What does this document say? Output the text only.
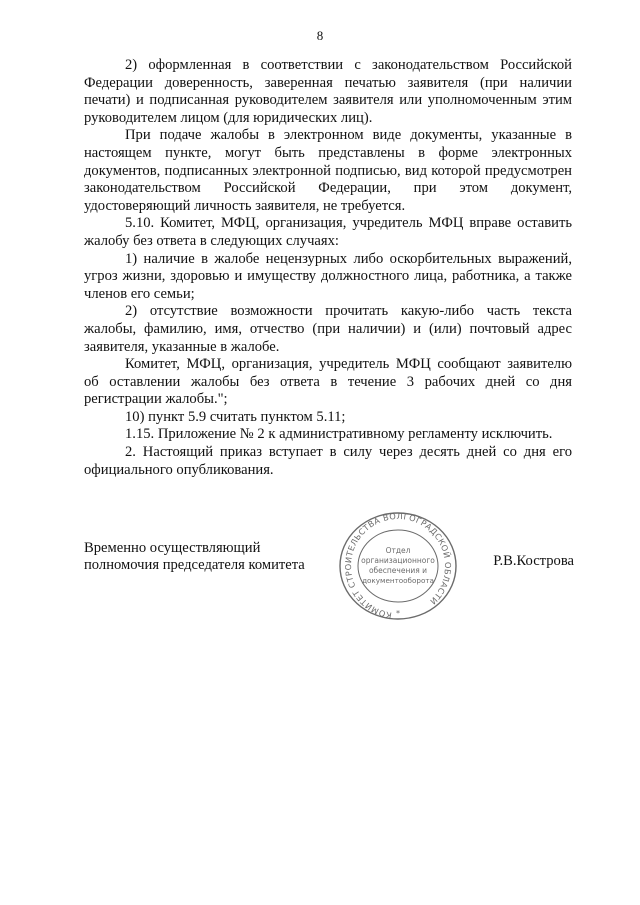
8

2) оформленная в соответствии с законодательством Российской Федерации доверенность, заверенная печатью заявителя (при наличии печати) и подписанная руководителем заявителя или уполномоченным этим руководителем лицом (для юридических лиц).

При подаче жалобы в электронном виде документы, указанные в настоящем пункте, могут быть представлены в форме электронных документов, подписанных электронной подписью, вид которой предусмотрен законодательством Российской Федерации, при этом документ, удостоверяющий личность заявителя, не требуется.

5.10. Комитет, МФЦ, организация, учредитель МФЦ вправе оставить жалобу без ответа в следующих случаях:

1) наличие в жалобе нецензурных либо оскорбительных выражений, угроз жизни, здоровью и имуществу должностного лица, работника, а также членов его семьи;

2) отсутствие возможности прочитать какую-либо часть текста жалобы, фамилию, имя, отчество (при наличии) и (или) почтовый адрес заявителя, указанные в жалобе.

Комитет, МФЦ, организация, учредитель МФЦ сообщают заявителю об оставлении жалобы без ответа в течение 3 рабочих дней со дня регистрации жалобы.";

10) пункт 5.9 считать пунктом 5.11;

1.15. Приложение № 2 к административному регламенту исключить.

2. Настоящий приказ вступает в силу через десять дней со дня его официального опубликования.

Временно осуществляющий
полномочия председателя комитета
КОМИТЕТ СТРОИТЕЛЬСТВА ВОЛГОГРАДСКОЙ ОБЛАСТИ
Отдел
организационного
обеспечения и
документооборота
*
Р.В.Кострова
